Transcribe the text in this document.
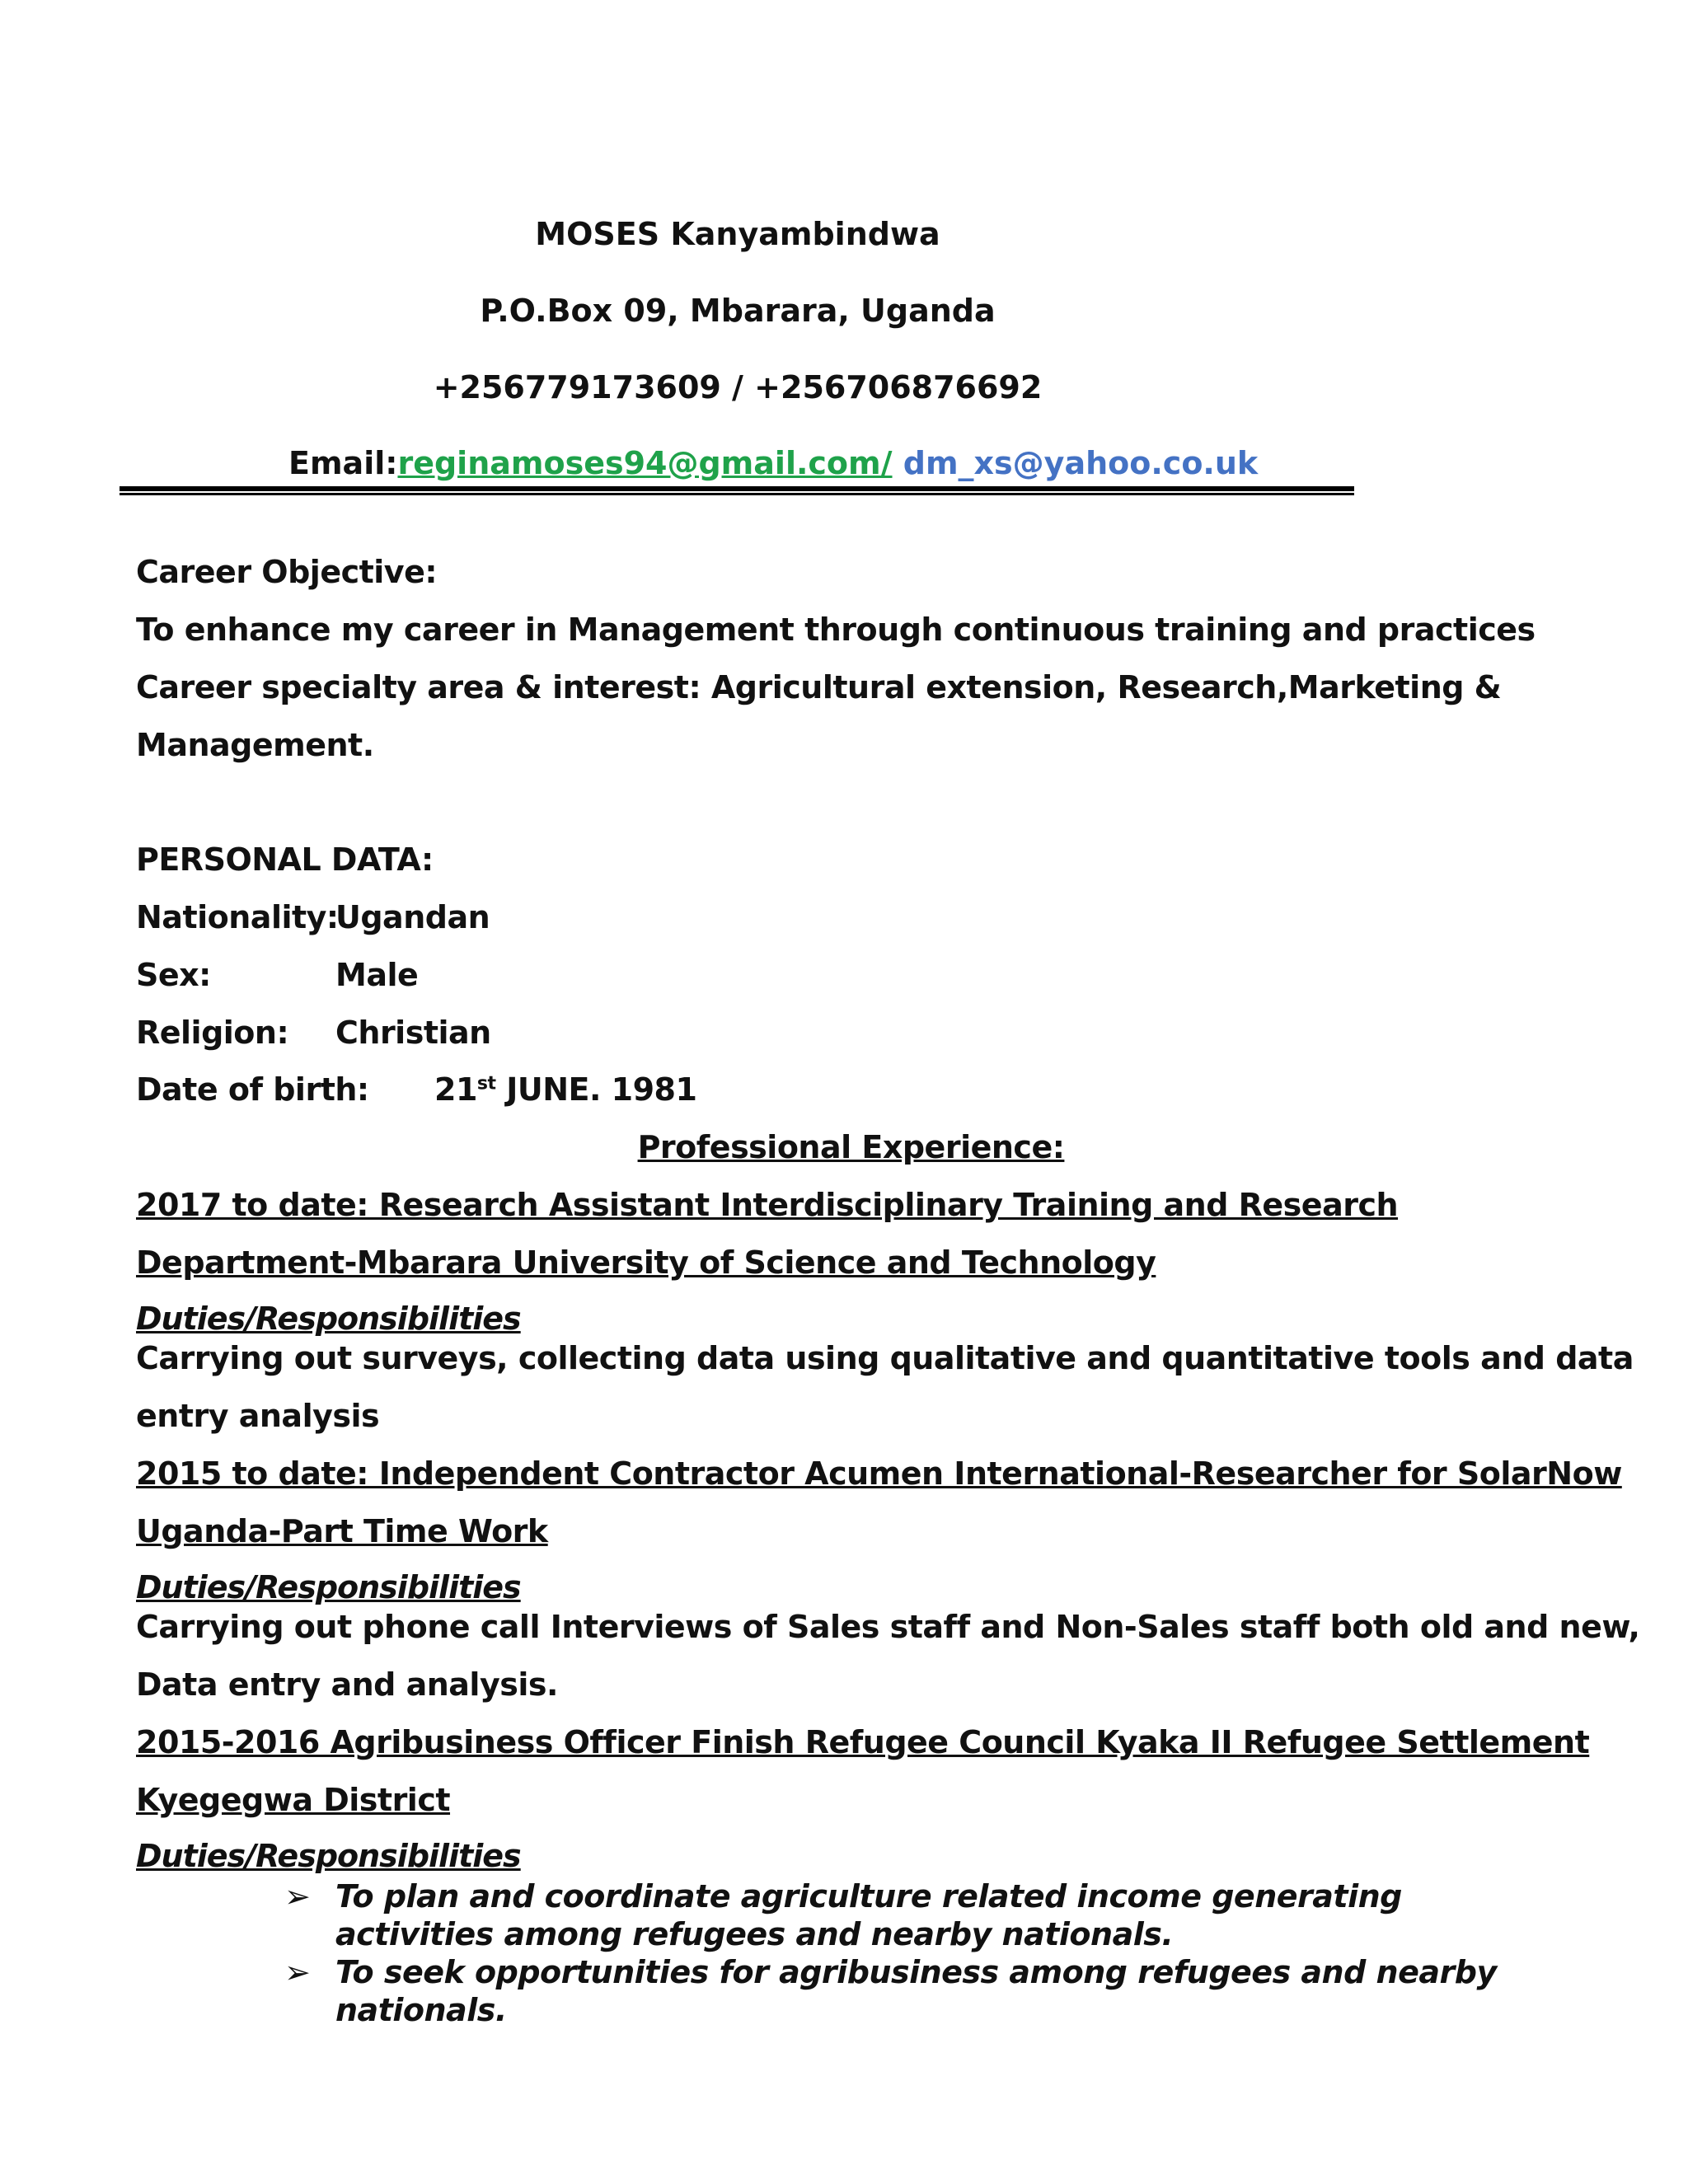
MOSES Kanyambindwa
P.O.Box 09, Mbarara, Uganda
+256779173609 / +256706876692
Email:reginamoses94@gmail.com/ dm_xs@yahoo.co.uk
Career Objective:
To enhance my career in Management through continuous training and practices
Career specialty area & interest: Agricultural extension, Research,Marketing &
Management.
PERSONAL DATA:
Nationality:Ugandan
Sex:	Male
Religion: Christian
Date of birth: 21st JUNE. 1981
Professional Experience:
2017 to date: Research Assistant Interdisciplinary Training and Research
Department-Mbarara University of Science and Technology
Duties/Responsibilities
Carrying out surveys, collecting data using qualitative and quantitative tools and data
entry analysis
2015 to date: Independent Contractor Acumen International-Researcher for SolarNow
Uganda-Part Time Work
Duties/Responsibilities
Carrying out phone call Interviews of Sales staff and Non-Sales staff both old and new,
Data entry and analysis.
2015-2016 Agribusiness Officer Finish Refugee Council Kyaka II Refugee Settlement
Kyegegwa District
Duties/Responsibilities
➢ To plan and coordinate agriculture related income generating activities among refugees and nearby nationals.
➢ To seek opportunities for agribusiness among refugees and nearby nationals.
